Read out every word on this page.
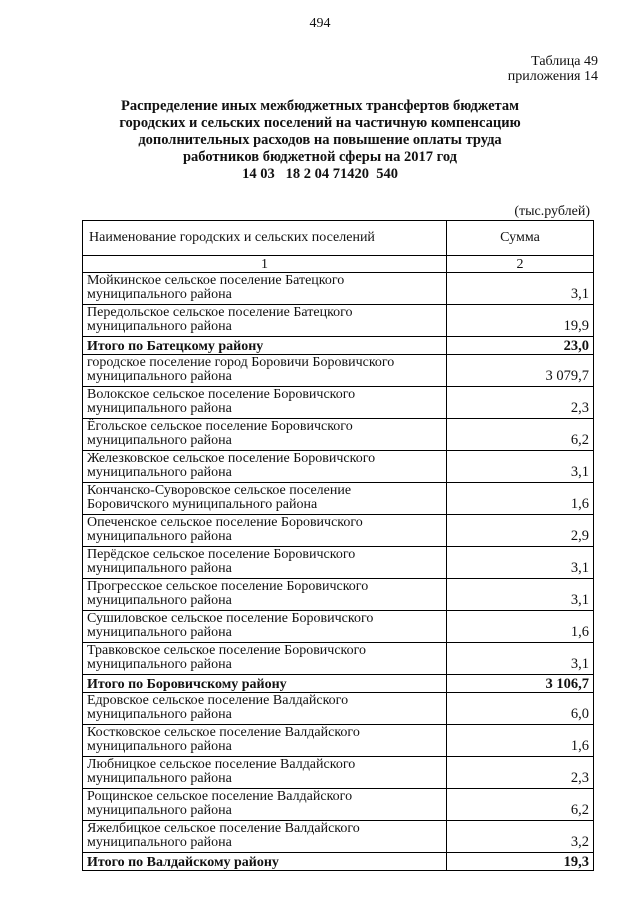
494
Таблица 49
приложения 14
Распределение иных межбюджетных трансфертов бюджетам
городских и сельских поселений на частичную компенсацию
дополнительных расходов на повышение оплаты труда
работников бюджетной сферы на 2017 год
14 03   18 2 04 71420  540
(тыс.рублей)
Наименование городских и сельских поселений	Сумма
1	2

Мойкинское сельское поселение Батецкого
муниципального района	3,1

Передольское сельское поселение Батецкого
муниципального района	19,9
Итого по Батецкому району	23,0

городское поселение город Боровичи Боровичского
муниципального района	3 079,7

Волокское сельское поселение Боровичского
муниципального района	2,3

Ёгольское сельское поселение Боровичского
муниципального района	6,2

Железковское сельское поселение Боровичского
муниципального района	3,1

Кончанско-Суворовское сельское поселение
Боровичского муниципального района	1,6

Опеченское сельское поселение Боровичского
муниципального района	2,9

Перёдское сельское поселение Боровичского
муниципального района	3,1

Прогресское сельское поселение Боровичского
муниципального района	3,1

Сушиловское сельское поселение Боровичского
муниципального района	1,6

Травковское сельское поселение Боровичского
муниципального района	3,1
Итого по Боровичскому району	3 106,7

Едровское сельское поселение Валдайского
муниципального района	6,0

Костковское сельское поселение Валдайского
муниципального района	1,6

Любницкое сельское поселение Валдайского
муниципального района	2,3

Рощинское сельское поселение Валдайского
муниципального района	6,2

Яжелбицкое сельское поселение Валдайского
муниципального района	3,2
Итого по Валдайскому району	19,3
